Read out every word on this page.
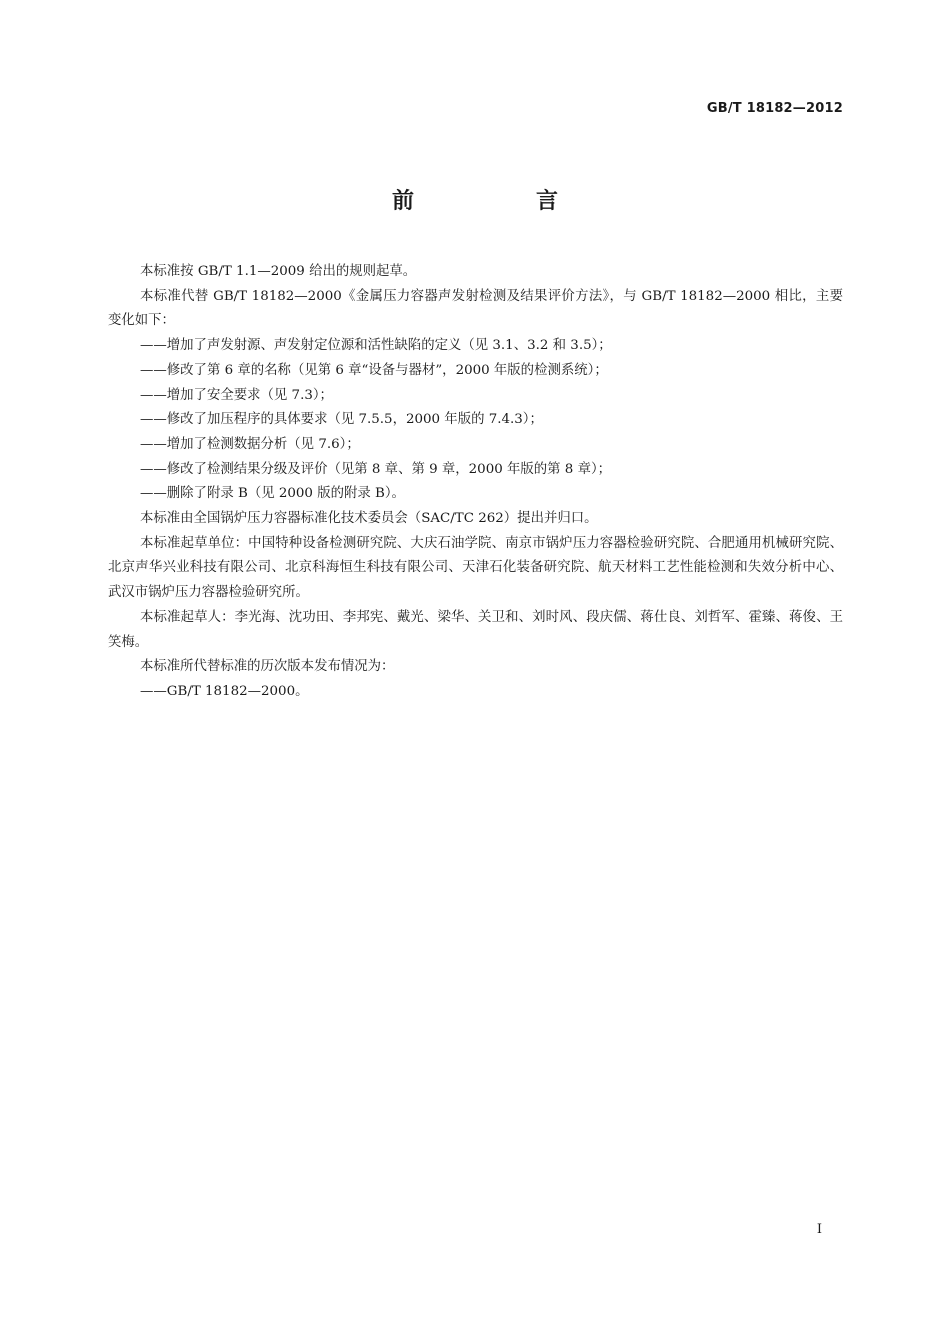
GB/T 18182—2012
前　言

本标准按 GB/T 1.1—2009 给出的规则起草。

本标准代替 GB/T 18182—2000《金属压力容器声发射检测及结果评价方法》，与 GB/T 18182—2000 相比，主要变化如下：

——增加了声发射源、声发射定位源和活性缺陷的定义（见 3.1、3.2 和 3.5）；

——修改了第 6 章的名称（见第 6 章“设备与器材”，2000 年版的检测系统）；

——增加了安全要求（见 7.3）；

——修改了加压程序的具体要求（见 7.5.5，2000 年版的 7.4.3）；

——增加了检测数据分析（见 7.6）；

——修改了检测结果分级及评价（见第 8 章、第 9 章，2000 年版的第 8 章）；

——删除了附录 B（见 2000 版的附录 B）。

本标准由全国锅炉压力容器标准化技术委员会（SAC/TC 262）提出并归口。

本标准起草单位：中国特种设备检测研究院、大庆石油学院、南京市锅炉压力容器检验研究院、合肥通用机械研究院、北京声华兴业科技有限公司、北京科海恒生科技有限公司、天津石化装备研究院、航天材料工艺性能检测和失效分析中心、武汉市锅炉压力容器检验研究所。

本标准起草人：李光海、沈功田、李邦宪、戴光、梁华、关卫和、刘时风、段庆儒、蒋仕良、刘哲军、霍臻、蒋俊、王笑梅。

本标准所代替标准的历次版本发布情况为：

——GB/T 18182—2000。

I
